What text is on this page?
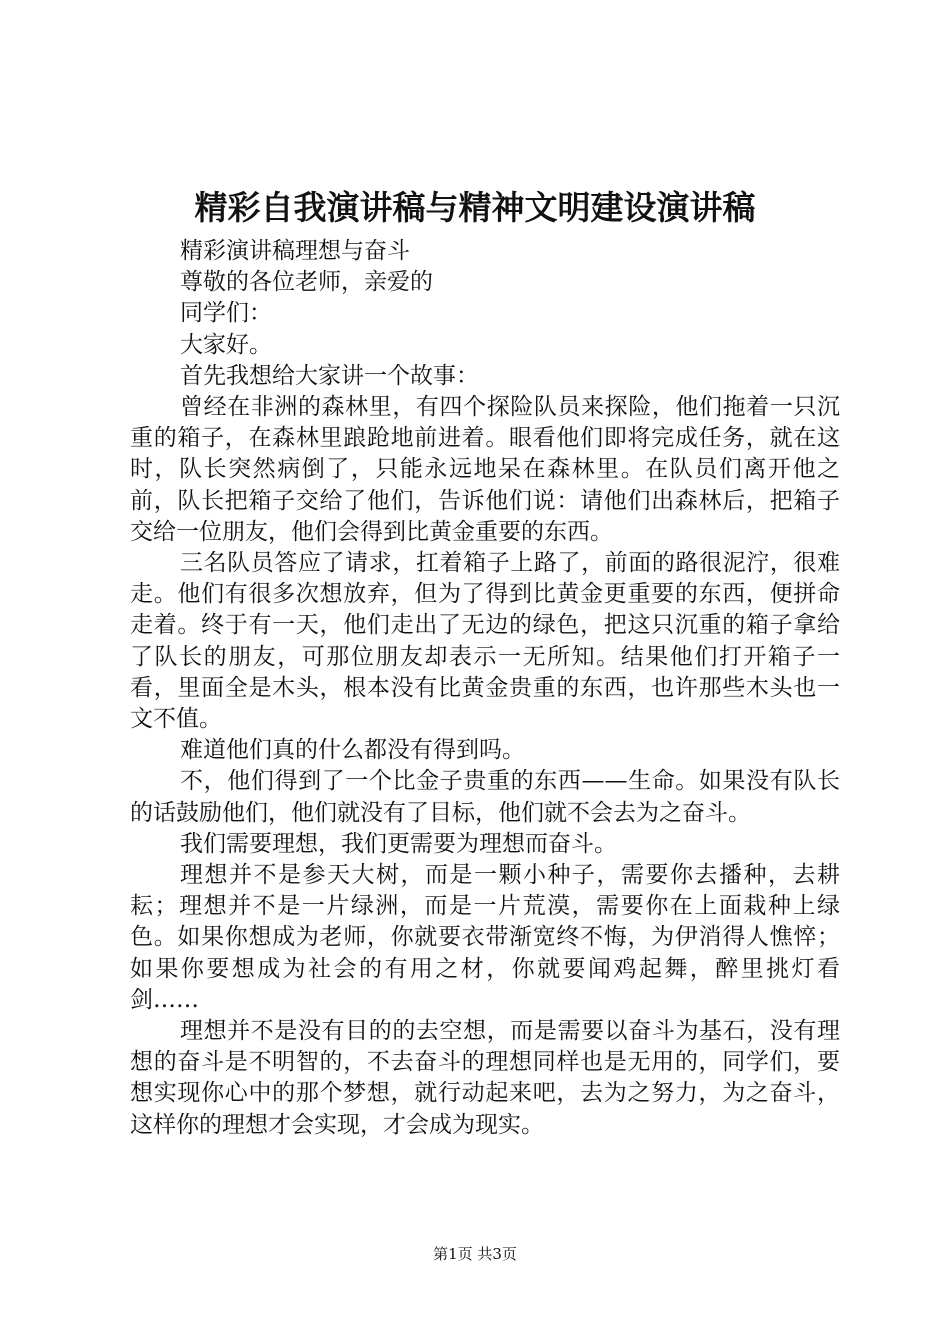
精彩自我演讲稿与精神文明建设演讲稿

精彩演讲稿理想与奋斗

尊敬的各位老师，亲爱的

同学们：

大家好。

首先我想给大家讲一个故事：

曾经在非洲的森林里，有四个探险队员来探险，他们拖着一只沉重的箱子，在森林里踉跄地前进着。眼看他们即将完成任务，就在这时，队长突然病倒了，只能永远地呆在森林里。在队员们离开他之前，队长把箱子交给了他们，告诉他们说：请他们出森林后，把箱子交给一位朋友，他们会得到比黄金重要的东西。

三名队员答应了请求，扛着箱子上路了，前面的路很泥泞，很难走。他们有很多次想放弃，但为了得到比黄金更重要的东西，便拼命走着。终于有一天，他们走出了无边的绿色，把这只沉重的箱子拿给了队长的朋友，可那位朋友却表示一无所知。结果他们打开箱子一看，里面全是木头，根本没有比黄金贵重的东西，也许那些木头也一文不值。

难道他们真的什么都没有得到吗。

不，他们得到了一个比金子贵重的东西——生命。如果没有队长的话鼓励他们，他们就没有了目标，他们就不会去为之奋斗。

我们需要理想，我们更需要为理想而奋斗。

理想并不是参天大树，而是一颗小种子，需要你去播种，去耕耘；理想并不是一片绿洲，而是一片荒漠，需要你在上面栽种上绿色。如果你想成为老师，你就要衣带渐宽终不悔，为伊消得人憔悴；如果你要想成为社会的有用之材，你就要闻鸡起舞，醉里挑灯看剑……

理想并不是没有目的的去空想，而是需要以奋斗为基石，没有理想的奋斗是不明智的，不去奋斗的理想同样也是无用的，同学们，要想实现你心中的那个梦想，就行动起来吧，去为之努力，为之奋斗，这样你的理想才会实现，才会成为现实。

第1页 共3页
